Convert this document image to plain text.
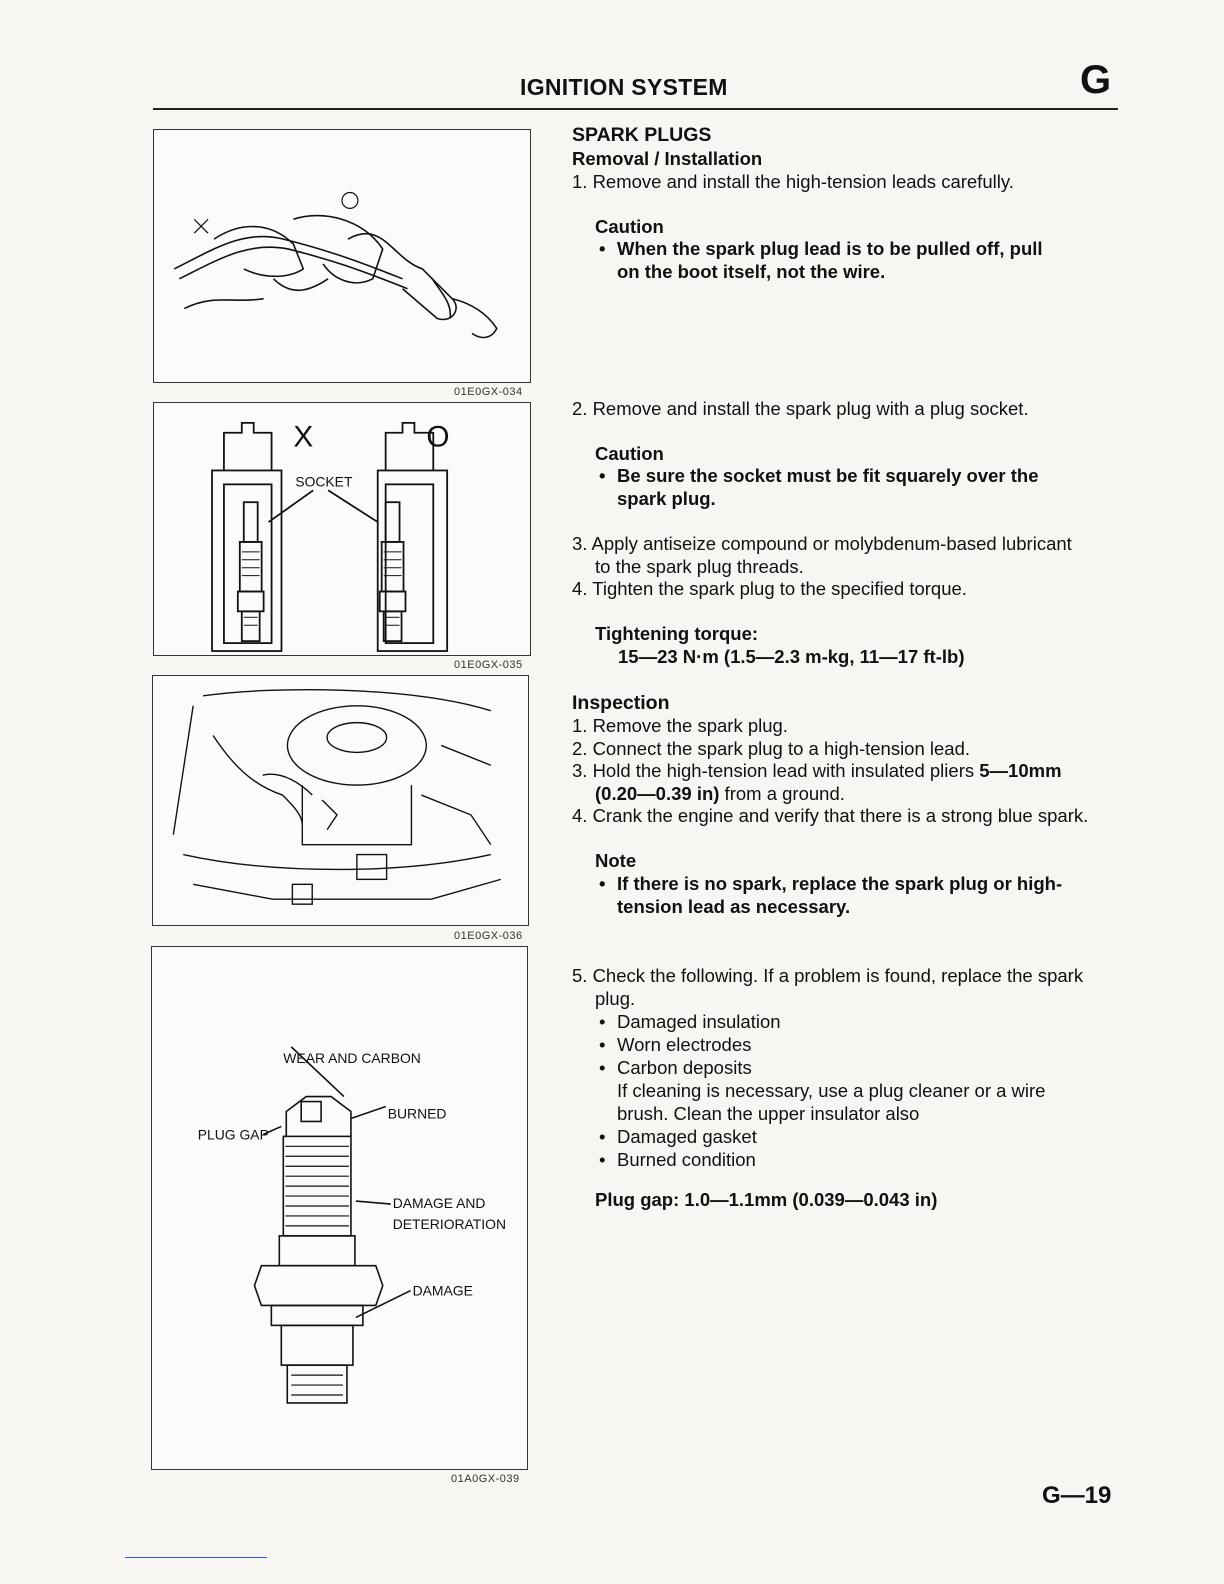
IGNITION SYSTEM	G
01E0GX-034
X	O
SOCKET
01E0GX-035
01E0GX-036
WEAR AND CARBON
BURNED
PLUG GAP
DAMAGE AND
DETERIORATION
DAMAGE
01A0GX-039
SPARK PLUGS
Removal / Installation
1. Remove and install the high-tension leads carefully.
Caution
• When the spark plug lead is to be pulled off, pull
on the boot itself, not the wire.
2. Remove and install the spark plug with a plug socket.
Caution
• Be sure the socket must be fit squarely over the
spark plug.
3. Apply antiseize compound or molybdenum-based lubricant
to the spark plug threads.
4. Tighten the spark plug to the specified torque.
Tightening torque:
15—23 N·m (1.5—2.3 m-kg, 11—17 ft-lb)
Inspection
1. Remove the spark plug.
2. Connect the spark plug to a high-tension lead.
3. Hold the high-tension lead with insulated pliers 5—10mm
(0.20—0.39 in) from a ground.
4. Crank the engine and verify that there is a strong blue spark.
Note
• If there is no spark, replace the spark plug or high-
tension lead as necessary.
5. Check the following. If a problem is found, replace the spark
plug.
• Damaged insulation
• Worn electrodes
• Carbon deposits
If cleaning is necessary, use a plug cleaner or a wire
brush. Clean the upper insulator also
• Damaged gasket
• Burned condition
Plug gap: 1.0—1.1mm (0.039—0.043 in)
G—19
